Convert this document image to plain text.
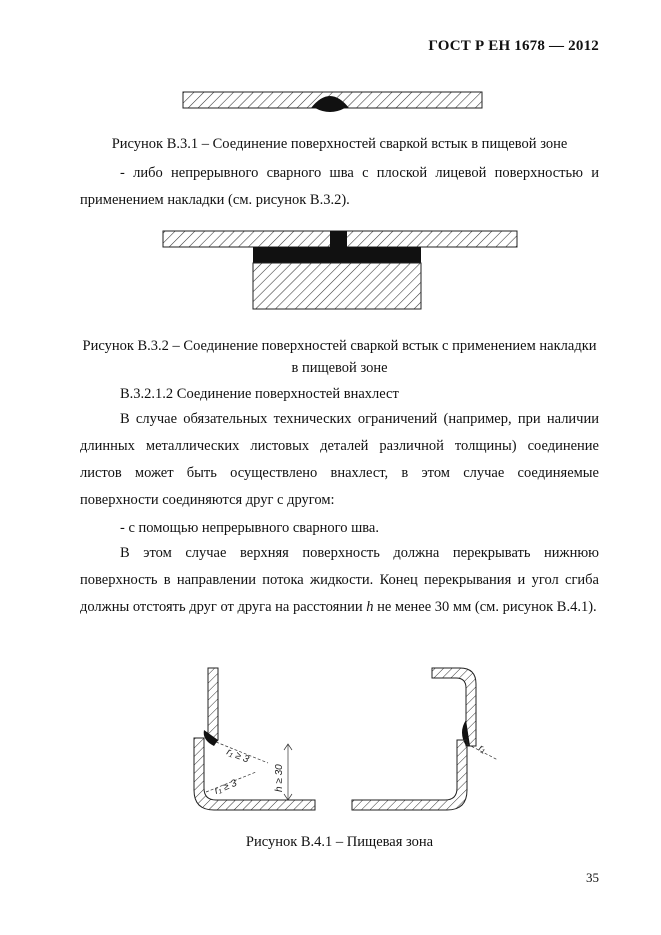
ГОСТ Р ЕН 1678 — 2012
Рисунок В.3.1 – Соединение поверхностей сваркой встык в пищевой зоне
- либо непрерывного сварного шва с плоской лицевой поверхностью и применением накладки (см. рисунок В.3.2).
Рисунок В.3.2 – Соединение поверхностей сваркой встык с применением накладки в пищевой зоне
В.3.2.1.2 Соединение поверхностей внахлест
В случае обязательных технических ограничений (например, при наличии длинных металлических листовых деталей различной толщины) соединение листов может быть осуществлено внахлест, в этом случае соединяемые поверхности соединяются друг с другом:
- с помощью непрерывного сварного шва.
В этом случае верхняя поверхность должна перекрывать нижнюю поверхность в направлении потока жидкости. Конец перекрывания и угол сгиба должны отстоять друг от друга на расстоянии h не менее 30 мм (см. рисунок В.4.1).
r₁ ≥ 3
r₁ ≥ 3	h ≥ 30
r₁
Рисунок В.4.1 – Пищевая зона
35
